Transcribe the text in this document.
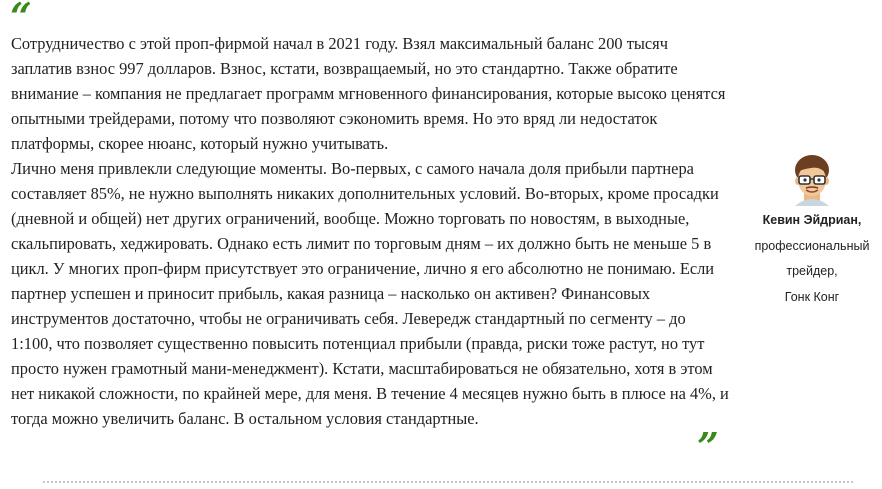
“

Сотрудничество с этой проп-фирмой начал в 2021 году. Взял максимальный баланс 200 тысяч заплатив взнос 997 долларов. Взнос, кстати, возвращаемый, но это стандартно. Также обратите внимание – компания не предлагает программ мгновенного финансирования, которые высоко ценятся опытными трейдерами, потому что позволяют сэкономить время. Но это вряд ли недостаток платформы, скорее нюанс, который нужно учитывать.

Лично меня привлекли следующие моменты. Во-первых, с самого начала доля прибыли партнера составляет 85%, не нужно выполнять никаких дополнительных условий. Во-вторых, кроме просадки (дневной и общей) нет других ограничений, вообще. Можно торговать по новостям, в выходные, скальпировать, хеджировать. Однако есть лимит по торговым дням – их должно быть не меньше 5 в цикл. У многих проп-фирм присутствует это ограничение, лично я его абсолютно не понимаю. Если партнер успешен и приносит прибыль, какая разница – насколько он активен? Финансовых инструментов достаточно, чтобы не ограничивать себя. Левередж стандартный по сегменту – до 1:100, что позволяет существенно повысить потенциал прибыли (правда, риски тоже растут, но тут просто нужен грамотный мани-менеджмент). Кстати, масштабироваться не обязательно, хотя в этом нет никакой сложности, по крайней мере, для меня. В течение 4 месяцев нужно быть в плюсе на 4%, и тогда можно увеличить баланс. В остальном условия стандартные.

”
Кевин Эйдриан,
профессиональный
трейдер,
Гонк Конг
